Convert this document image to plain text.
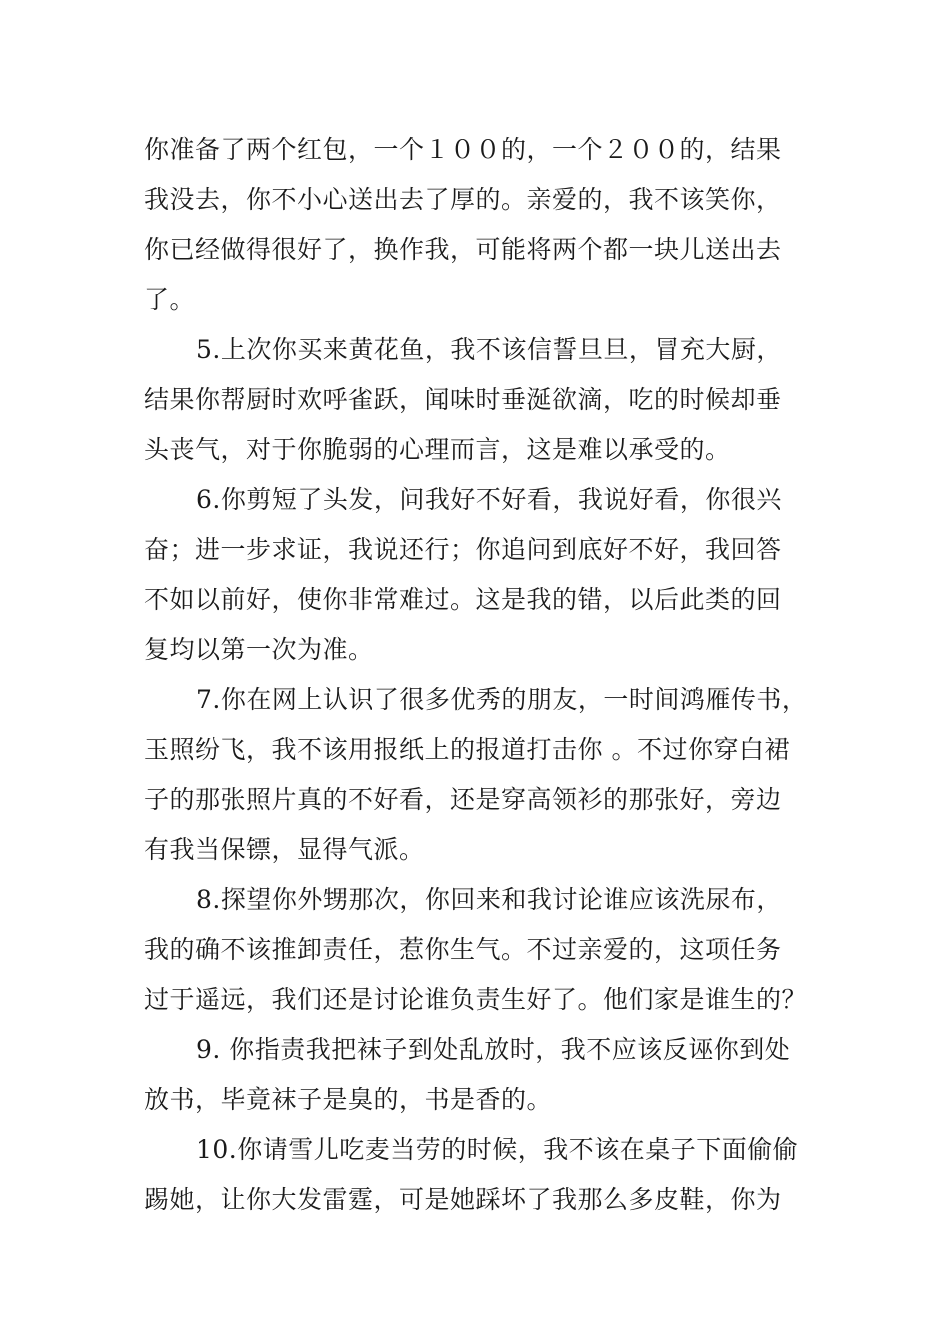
你准备了两个红包，一个１００的，一个２００的，结果
我没去，你不小心送出去了厚的。亲爱的，我不该笑你，
你已经做得很好了，换作我，可能将两个都一块儿送出去
了。
5.上次你买来黄花鱼，我不该信誓旦旦，冒充大厨，
结果你帮厨时欢呼雀跃，闻味时垂涎欲滴，吃的时候却垂
头丧气，对于你脆弱的心理而言，这是难以承受的。
6.你剪短了头发，问我好不好看，我说好看，你很兴
奋；进一步求证，我说还行；你追问到底好不好，我回答
不如以前好，使你非常难过。这是我的错，以后此类的回
复均以第一次为准。
7.你在网上认识了很多优秀的朋友，一时间鸿雁传书，
玉照纷飞，我不该用报纸上的报道打击你 。不过你穿白裙
子的那张照片真的不好看，还是穿高领衫的那张好，旁边
有我当保镖，显得气派。
8.探望你外甥那次，你回来和我讨论谁应该洗尿布，
我的确不该推卸责任，惹你生气。不过亲爱的，这项任务
过于遥远，我们还是讨论谁负责生好了。他们家是谁生的？
9. 你指责我把袜子到处乱放时，我不应该反诬你到处
放书，毕竟袜子是臭的，书是香的。
10.你请雪儿吃麦当劳的时候，我不该在桌子下面偷偷
踢她，让你大发雷霆，可是她踩坏了我那么多皮鞋，你为
